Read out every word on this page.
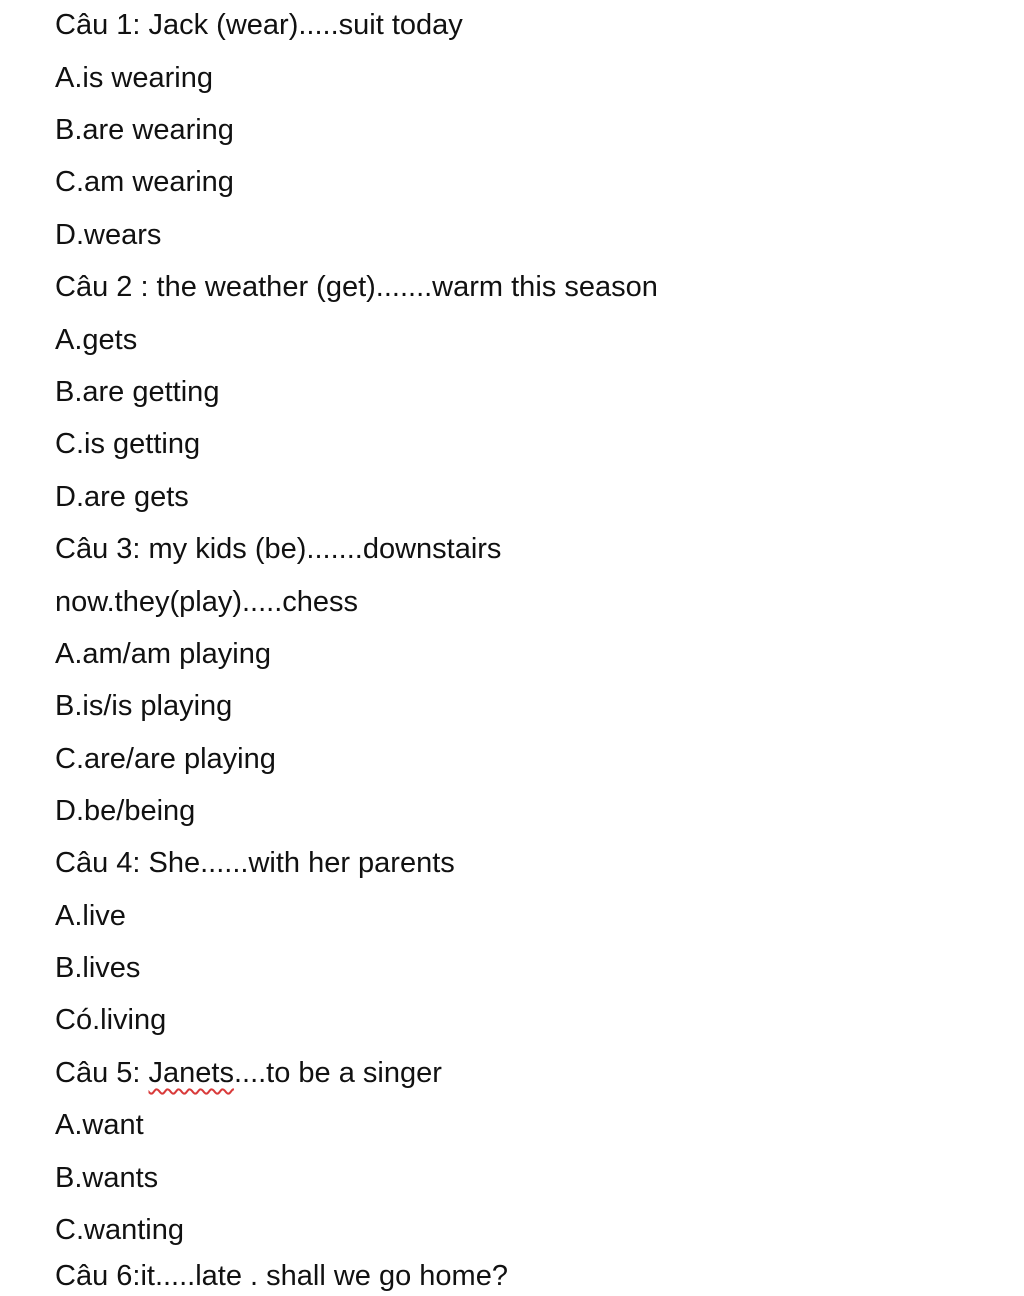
Câu 1: Jack (wear).....suit today
A.is wearing
B.are wearing
C.am wearing
D.wears
Câu 2 : the weather (get).......warm this season
A.gets
B.are getting
C.is getting
D.are gets
Câu 3: my kids (be).......downstairs
now.they(play).....chess
A.am/am playing
B.is/is playing
C.are/are playing
D.be/being
Câu 4: She......with her parents
A.live
B.lives
Có.living
Câu 5: Janets....to be a singer
A.want
B.wants
C.wanting
Câu 6:it.....late . shall we go home?
